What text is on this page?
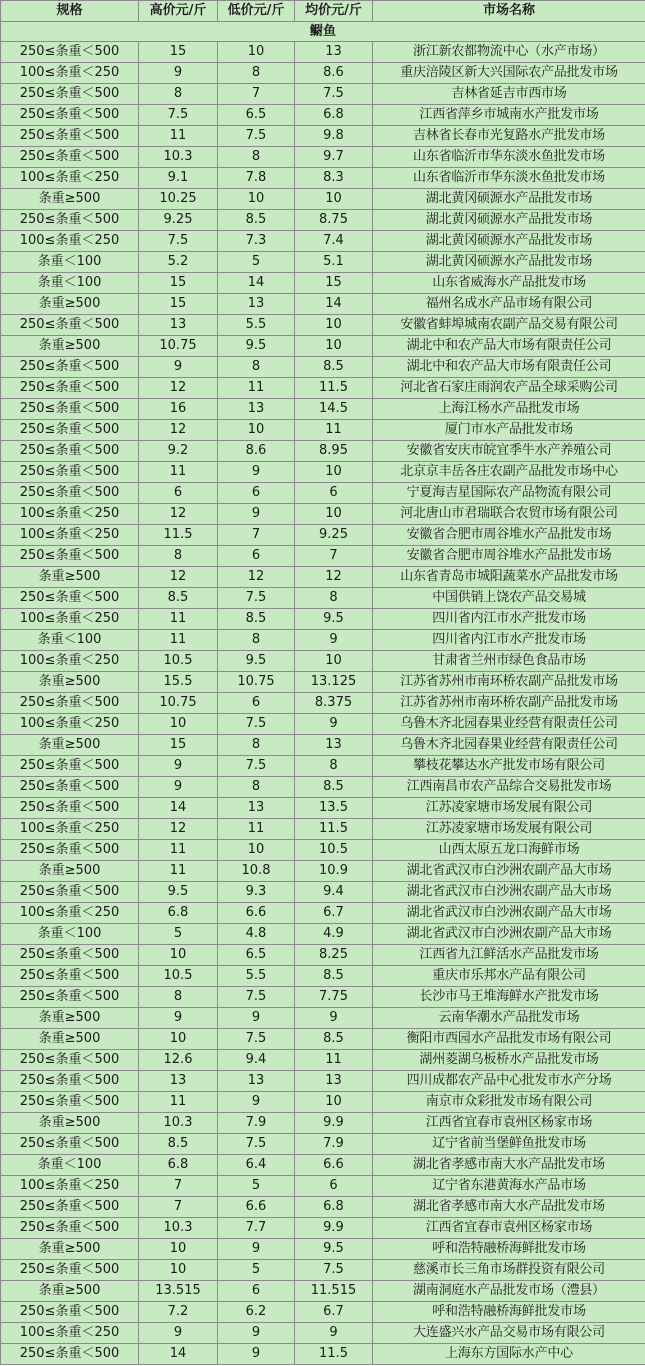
鳚鱼				
规格	高价元/斤	低价元/斤	均价元/斤	市场名称
250≤条重＜500	15	10	13	浙江新农都物流中心（水产市场）
100≤条重＜250	9	8	8.6	重庆涪陵区新大兴国际农产品批发市场
250≤条重＜500	8	7	7.5	吉林省延吉市西市场
250≤条重＜500	7.5	6.5	6.8	江西省萍乡市城南水产批发市场
250≤条重＜500	11	7.5	9.8	吉林省长春市光复路水产批发市场
250≤条重＜500	10.3	8	9.7	山东省临沂市华东淡水鱼批发市场
100≤条重＜250	9.1	7.8	8.3	山东省临沂市华东淡水鱼批发市场
条重≥500	10.25	10	10	湖北黄冈硕源水产品批发市场
250≤条重＜500	9.25	8.5	8.75	湖北黄冈硕源水产品批发市场
100≤条重＜250	7.5	7.3	7.4	湖北黄冈硕源水产品批发市场
条重＜100	5.2	5	5.1	湖北黄冈硕源水产品批发市场
条重＜100	15	14	15	山东省威海水产品批发市场
条重≥500	15	13	14	福州名成水产品市场有限公司
250≤条重＜500	13	5.5	10	安徽省蚌埠城南农副产品交易有限公司
条重≥500	10.75	9.5	10	湖北中和农产品大市场有限责任公司
250≤条重＜500	9	8	8.5	湖北中和农产品大市场有限责任公司
250≤条重＜500	12	11	11.5	河北省石家庄雨润农产品全球采购公司
250≤条重＜500	16	13	14.5	上海江杨水产品批发市场
250≤条重＜500	12	10	11	厦门市水产品批发市场
250≤条重＜500	9.2	8.6	8.95	安徽省安庆市皖宜季牛水产养殖公司
250≤条重＜500	11	9	10	北京京丰岳各庄农副产品批发市场中心
250≤条重＜500	6	6	6	宁夏海吉星国际农产品物流有限公司
100≤条重＜250	12	9	10	河北唐山市君瑞联合农贸市场有限公司
100≤条重＜250	11.5	7	9.25	安徽省合肥市周谷堆水产品批发市场
250≤条重＜500	8	6	7	安徽省合肥市周谷堆水产品批发市场
条重≥500	12	12	12	山东省青岛市城阳蔬菜水产品批发市场
250≤条重＜500	8.5	7.5	8	中国供销上饶农产品交易城
100≤条重＜250	11	8.5	9.5	四川省内江市水产批发市场
条重＜100	11	8	9	四川省内江市水产批发市场
100≤条重＜250	10.5	9.5	10	甘肃省兰州市绿色食品市场
条重≥500	15.5	10.75	13.125	江苏省苏州市南环桥农副产品批发市场
250≤条重＜500	10.75	6	8.375	江苏省苏州市南环桥农副产品批发市场
100≤条重＜250	10	7.5	9	乌鲁木齐北园春果业经营有限责任公司
条重≥500	15	8	13	乌鲁木齐北园春果业经营有限责任公司
250≤条重＜500	9	7.5	8	攀枝花攀达水产批发市场有限公司
250≤条重＜500	9	8	8.5	江西南昌市农产品综合交易批发市场
250≤条重＜500	14	13	13.5	江苏凌家塘市场发展有限公司
100≤条重＜250	12	11	11.5	江苏凌家塘市场发展有限公司
250≤条重＜500	11	10	10.5	山西太原五龙口海鲜市场
条重≥500	11	10.8	10.9	湖北省武汉市白沙洲农副产品大市场
250≤条重＜500	9.5	9.3	9.4	湖北省武汉市白沙洲农副产品大市场
100≤条重＜250	6.8	6.6	6.7	湖北省武汉市白沙洲农副产品大市场
条重＜100	5	4.8	4.9	湖北省武汉市白沙洲农副产品大市场
250≤条重＜500	10	6.5	8.25	江西省九江鲜活水产品批发市场
250≤条重＜500	10.5	5.5	8.5	重庆市乐邦水产品有限公司
250≤条重＜500	8	7.5	7.75	长沙市马王堆海鲜水产批发市场
条重≥500	9	9	9	云南华潮水产品批发市场
条重≥500	10	7.5	8.5	衡阳市西园水产品批发市场有限公司
250≤条重＜500	12.6	9.4	11	湖州菱湖乌板桥水产品批发市场
250≤条重＜500	13	13	13	四川成都农产品中心批发市水产分场
250≤条重＜500	11	9	10	南京市众彩批发市场有限公司
条重≥500	10.3	7.9	9.9	江西省宜春市袁州区杨家市场
250≤条重＜500	8.5	7.5	7.9	辽宁省前当堡鲜鱼批发市场
条重＜100	6.8	6.4	6.6	湖北省孝感市南大水产品批发市场
100≤条重＜250	7	5	6	辽宁省东港黄海水产品市场
250≤条重＜500	7	6.6	6.8	湖北省孝感市南大水产品批发市场
250≤条重＜500	10.3	7.7	9.9	江西省宜春市袁州区杨家市场
条重≥500	10	9	9.5	呼和浩特融桥海鲜批发市场
250≤条重＜500	10	5	7.5	慈溪市长三角市场群投资有限公司
条重≥500	13.515	6	11.515	湖南洞庭水产品批发市场（澧县）
250≤条重＜500	7.2	6.2	6.7	呼和浩特融桥海鲜批发市场
100≤条重＜250	9	9	9	大连盛兴水产品交易市场有限公司
250≤条重＜500	14	9	11.5	上海东方国际水产中心
